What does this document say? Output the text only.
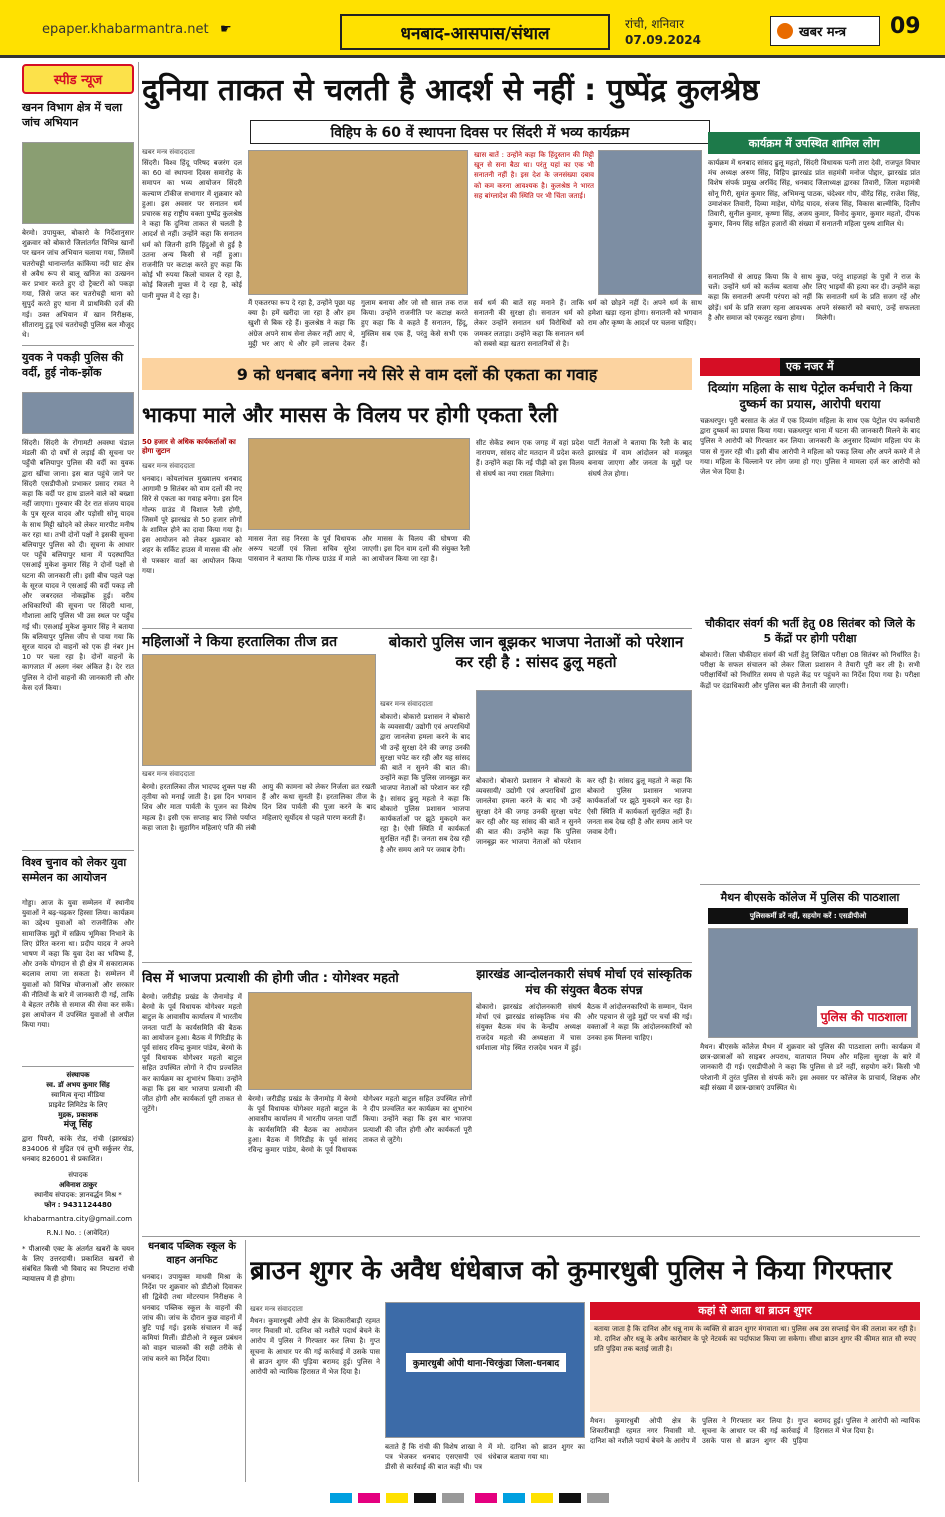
epaper.khabarmantra.net ☛	धनबाद-आसपास/संथाल	रांची, शनिवार
07.09.2024	खबर मन्त्र 09
स्पीड न्यूज
खनन विभाग क्षेत्र में चला जांच अभियान
बेरमो। उपायुक्त, बोकारो के निर्देशानुसार शुक्रवार को बोकारो जिलांतर्गत विभिन्न खानों पर खनन जांच अभियान चलाया गया, जिसमें चतरोचट्टी थानान्तर्गत कांकिया नदी घाट क्षेत्र से अवैध रूप से बालू खनिज का उत्खनन कर प्रभार करते हुए दो ट्रैक्टरों को पकड़ा गया, जिसे जप्त कर चतरोचट्टी थाना को सुपुर्द करते हुए थाना में प्राथमिकी दर्ज की गई। उक्त अभियान में खान निरीक्षक, सीतारामु टुडू एवं चतरोचट्टी पुलिस बल मौजूद थे।
युवक ने पकड़ी पुलिस की वर्दी, हुई नोक-झोंक
सिंदरी। सिंदरी के रोंगामटी अवस्था चंडाल मंडली की दो वर्षों से लड़ाई की सूचना पर पहुँची बलियापुर पुलिस की वर्दी का युवक द्वारा खींचा जाना। इस बात पहुंचे जाने पर सिंदरी एसडीपीओ प्रभाकर प्रसाद रावत ने कहा कि वर्दी पर हाथ डालने वाले को बख्शा नहीं जाएगा। गुरुवार की देर रात संजय यादव के पुत्र सूरज यादव और पड़ोसी सोनू यादव के साथ मिट्टी खोदने को लेकर मारपीट मनीष कर रहा था। तभी दोनों पक्षों ने इसकी सूचना बलियापुर पुलिस को दी। सूचना के आधार पर पहुँचे बलियापुर थाना में पदस्थापित एसआई मुकेश कुमार सिंह ने दोनों पक्षों से घटना की जानकारी ली। इसी बीच पहले पक्ष के सूरज यादव ने एसआई की वर्दी पकड़ ली और जबरदस्त नोकझोंक हुई। वरीय अधिकारियों की सूचना पर सिंदरी थाना, गौशाला आदि पुलिस भी उस स्थल पर पहुँच गई थी। एसआई मुकेश कुमार सिंह ने बताया कि बलियापुर पुलिस जीप से पाया गया कि सूरज यादव दो वाहनों को एक ही नंबर JH 10 पर चला रहा है। दोनों वाहनों के कागजात में अलग नंबर अंकित है। देर रात पुलिस ने दोनों वाहनों की जानकारी ली और केस दर्ज किया।
विश्व चुनाव को लेकर युवा सम्मेलन का आयोजन
गोड्डा। आज के युवा सम्मेलन में स्थानीय युवाओं ने बढ़-चढ़कर हिस्सा लिया। कार्यक्रम का उद्देश्य युवाओं को राजनीतिक और सामाजिक मुद्दों में सक्रिय भूमिका निभाने के लिए प्रेरित करना था। प्रदीप यादव ने अपने भाषण में कहा कि युवा देश का भविष्य हैं, और उनके योगदान से ही क्षेत्र में सकारात्मक बदलाव लाया जा सकता है। सम्मेलन में युवाओं को विभिन्न योजनाओं और सरकार की नीतियों के बारे में जानकारी दी गई, ताकि वे बेहतर तरीके से समाज की सेवा कर सकें। इस आयोजन में उपस्थित युवाओं से अपील किया गया।
संस्थापक
स्व. डॉ अभय कुमार सिंह
स्वामित्व वृन्दा मीडिया
प्राइवेट लिमिटेड के लिए
मुद्रक, प्रकाशक
मंजू सिंह
द्वारा पियरौ, कांके रोड, रांची (झारखंड) 834006 से मुद्रित एवं लुभी सर्कुलर रोड, धनबाद 826001 से प्रकाशित।
संपादक
अविनाश ठाकुर
स्थानीय संपादक: ज्ञानवर्द्धन मिश्र *
फोन : 9431124480
khabarmantra.city@gmail.com
R.N.I No. : (आवेदित)
* पीआरबी एक्ट के अंतर्गत खबरों के चयन के लिए उत्तरदायी। प्रकाशित खबरों से संबंधित किसी भी विवाद का निपटारा रांची न्यायालय में ही होगा।
दुनिया ताकत से चलती है आदर्श से नहीं : पुष्पेंद्र कुलश्रेष्ठ
विहिप के 60 वें स्थापना दिवस पर सिंदरी में भव्य कार्यक्रम
खबर मन्त्र संवाददाता
सिंदरी। विश्व हिंदू परिषद बजरंग दल का 60 वां स्थापना दिवस समारोह के समापन का भव्य आयोजन सिंदरी कल्याण टॉकीज सभागार में शुक्रवार को हुआ। इस अवसर पर सनातन धर्म प्रचारक सह राष्ट्रीय वक्ता पुष्पेंद्र कुलश्रेष्ठ ने कहा कि दुनिया ताकत से चलती है आदर्श से नहीं। उन्होंने कहा कि सनातन धर्म को जितनी हानि हिंदुओं से हुई है उतना अन्य किसी से नहीं हुआ। राजनीति पर कटाक्ष करते हुए कहा कि कोई भी रुपया किलो चावल दे रहा है, कोई बिजली मुफ्त में दे रहा है, कोई पानी मुफ्त में दे रहा है।
मैं एकतरफा रूप दे रहा है, उन्होंने पूछा यह क्या है। हमें खरीदा जा रहा है और हम खुशी से बिक रहे हैं। कुलश्रेष्ठ ने कहा कि अंग्रेज अपने साथ सेना लेकर नहीं आए थे, मुट्ठी भर आए थे और हमें लालच देकर गुलाम बनाया और जो सौ साल तक राज किया। उन्होंने राजनीति पर कटाक्ष करते हुए कहा कि वे कहते हैं सनातन, हिंदू, मुस्लिम सब एक हैं, परंतु केसे सभी एक हैं।
खास बातें : उन्होंने कहा कि हिंदुस्तान की मिट्टी खून से सना बैठा था। परंतु यहां का एक भी सनातनी नहीं है। इस देश के जनसंख्या दबाव को कम करना आवश्यक है। कुलश्रेष्ठ ने भारत सह बांग्लादेश की स्थिति पर भी चिंता जताई।
सर्व धर्म की बातें सह मनाने हैं। ताकि सनातनी की सुरक्षा हो। सनातन धर्म को लेकर उन्होंने सनातन धर्म विरोधियों को जमकर लताड़ा। उन्होंने कहा कि सनातन धर्म को सबसे बड़ा खतरा सनातनियों से है।
धर्म को छोड़ने नहीं दें। अपने धर्म के साथ हमेशा खड़ा रहना होगा। सनातनी को भगवान राम और कृष्ण के आदर्श पर चलना चाहिए।
कार्यक्रम में उपस्थित शामिल लोग
कार्यक्रम में धनबाद सांसद ढुलू महतो, सिंदरी विधायक पत्नी तारा देवी, राजपूत विचार मंच अध्यक्ष अरुण सिंह, विहिप झारखंड प्रांत सहमंत्री मनोज पोद्दार, झारखंड प्रांत विशेष संपर्क प्रमुख अरविंद सिंह, धनबाद जिलाध्यक्ष द्वारका तिवारी, जिला महामंत्री सोनू गिरी, सुमंत कुमार सिंह, अभिमन्यु पाठक, चंदेश्वर गोप, वीरेंद्र सिंह, राजेश सिंह, उमाशंकर तिवारी, दिव्या माहेश, योगेंद्र यादव, संजय सिंह, विकास बाल्मीकि, दिलीप तिवारी, सुनील कुमार, कृष्णा सिंह, अजय कुमार, विनोद कुमार, कुमार महतो, दीपक कुमार, विनय सिंह सहित हजारों की संख्या में सनातनी महिला पुरुष शामिल थे।
सनातनियों से आग्रह किया कि वे साथ चलें। उन्होंने धर्म को कर्तव्य बताया और कहा कि सनातनी अपनी परंपरा को नहीं छोड़ें। धर्म के प्रति सजग रहना आवश्यक है और समाज को एकजुट रखना होगा।
कुछ, परंतु शाहजहां के पुत्रों ने राज के लिए भाइयों की हत्या कर दी। उन्होंने कहा कि सनातनी धर्म के प्रति सजग रहें और अपने संस्कारों को बचाएं, उन्हें सफलता मिलेगी।
9 को धनबाद बनेगा नये सिरे से वाम दलों की एकता का गवाह
भाकपा माले और मासस के विलय पर होगी एकता रैली
50 हजार से अधिक कार्यकर्ताओं का होगा जुटान
खबर मन्त्र संवाददाता
धनबाद। कोयलांचल मुख्यालय धनबाद आगामी 9 सितंबर को वाम दलों की नए सिरे से एकता का गवाह बनेगा। इस दिन गोल्फ ग्राउंड में विशाल रैली होगी, जिसमें पूरे झारखंड से 50 हजार लोगों के शामिल होने का दावा किया गया है। इस आयोजन को लेकर शुक्रवार को शहर के सर्किट हाउस में मासस की ओर से पत्रकार वार्ता का आयोजन किया गया।
मासस नेता सह निरसा के पूर्व विधायक अरूप चटर्जी एवं जिला सचिव सुरेश पासवान ने बताया कि गोल्फ ग्राउंड में माले और मासस के विलय की घोषणा की जाएगी। इस दिन वाम दलों की संयुक्त रैली का आयोजन किया जा रहा है।
सीट सेकेंड स्थान एक जगह में वहां प्रदेश नारायण, सांसद वोट मतदान में प्रदेश करते हैं। उन्होंने कहा कि नई पीढ़ी को इस विलय से संघर्ष का नया रास्ता मिलेगा।
पार्टी नेताओं ने बताया कि रैली के बाद झारखंड में वाम आंदोलन को मजबूत बनाया जाएगा और जनता के मुद्दों पर संघर्ष तेज होगा।
एक नजर में
दिव्यांग महिला के साथ पेट्रोल कर्मचारी ने किया दुष्कर्म का प्रयास, आरोपी धराया
चक्रधरपुर। पूरी बरसात के अंत में एक दिव्यांग महिला के साथ एक पेट्रोल पंप कर्मचारी द्वारा दुष्कर्म का प्रयास किया गया। चक्रधरपुर थाना में घटना की जानकारी मिलने के बाद पुलिस ने आरोपी को गिरफ्तार कर लिया। जानकारी के अनुसार दिव्यांग महिला पंप के पास से गुजर रही थी। इसी बीच आरोपी ने महिला को पकड़ लिया और अपने कमरे में ले गया। महिला के चिल्लाने पर लोग जमा हो गए। पुलिस ने मामला दर्ज कर आरोपी को जेल भेज दिया है।
चौकीदार संवर्ग की भर्ती हेतु 08 सितंबर को जिले के 5 केंद्रों पर होगी परीक्षा
बोकारो। जिला चौकीदार संवर्ग की भर्ती हेतु लिखित परीक्षा 08 सितंबर को निर्धारित है। परीक्षा के सफल संचालन को लेकर जिला प्रशासन ने तैयारी पूरी कर ली है। सभी परीक्षार्थियों को निर्धारित समय से पहले केंद्र पर पहुंचने का निर्देश दिया गया है। परीक्षा केंद्रों पर दंडाधिकारी और पुलिस बल की तैनाती की जाएगी।
मैथन बीएसके कॉलेज में पुलिस की पाठशाला
पुलिसकर्मी डरें नहीं, सहयोग करें : एसडीपीओ
पुलिस की पाठशाला
मैथन। बीएसके कॉलेज मैथन में शुक्रवार को पुलिस की पाठशाला लगी। कार्यक्रम में छात्र-छात्राओं को साइबर अपराध, यातायात नियम और महिला सुरक्षा के बारे में जानकारी दी गई। एसडीपीओ ने कहा कि पुलिस से डरें नहीं, सहयोग करें। किसी भी परेशानी में तुरंत पुलिस से संपर्क करें। इस अवसर पर कॉलेज के प्राचार्य, शिक्षक और बड़ी संख्या में छात्र-छात्राएं उपस्थित थे।
महिलाओं ने किया हरतालिका तीज व्रत
खबर मन्त्र संवाददाता
बेरमो। हरतालिका तीज भादपद शुक्ल पक्ष की तृतीया को मनाई जाती है। इस दिन भगवान शिव और माता पार्वती के पूजन का विशेष महत्व है। इसी एक सप्ताह बाद जिसे पर्याप्त कहा जाता है। सुहागिन महिलाएं पति की लंबी आयु की कामना को लेकर निर्जला व्रत रखती हैं और कथा सुनती हैं। हरतालिका तीज के दिन शिव पार्वती की पूजा करने के बाद महिलाएं सूर्योदय से पहले पारण करती हैं।
बोकारो पुलिस जान बूझकर भाजपा नेताओं को परेशान कर रही है : सांसद ढुलू महतो
खबर मन्त्र संवाददाता
बोकारो। बोकारो प्रशासन ने बोकारो के व्यवसायी/ उद्योगी एवं अपराधियों द्वारा जानलेवा हमला करने के बाद भी उन्हें सुरक्षा देने की जगह उनकी सुरक्षा चपेट कर रही और यह सांसद की बातें न सुनने की बात की। उन्होंने कहा कि पुलिस जानबूझ कर भाजपा नेताओं को परेशान कर रही है। सांसद ढुलू महतो ने कहा कि बोकारो पुलिस प्रशासन भाजपा कार्यकर्ताओं पर झूठे मुकदमे कर रहा है। ऐसी स्थिति में कार्यकर्ता सुरक्षित नहीं हैं। जनता सब देख रही है और समय आने पर जवाब देगी।
बोकारो। बोकारो प्रशासन ने बोकारो के व्यवसायी/ उद्योगी एवं अपराधियों द्वारा जानलेवा हमला करने के बाद भी उन्हें सुरक्षा देने की जगह उनकी सुरक्षा चपेट कर रही और यह सांसद की बातें न सुनने की बात की। उन्होंने कहा कि पुलिस जानबूझ कर भाजपा नेताओं को परेशान कर रही है। सांसद ढुलू महतो ने कहा कि बोकारो पुलिस प्रशासन भाजपा कार्यकर्ताओं पर झूठे मुकदमे कर रहा है। ऐसी स्थिति में कार्यकर्ता सुरक्षित नहीं हैं। जनता सब देख रही है और समय आने पर जवाब देगी।
विस में भाजपा प्रत्याशी की होगी जीत : योगेश्वर महतो
बेरमो। जरीडीह प्रखंड के जैनामोड़ में बेरमो के पूर्व विधायक योगेश्वर महतो बाटुल के आवासीय कार्यालय में भारतीय जनता पार्टी के कार्यसमिति की बैठक का आयोजन हुआ। बैठक में गिरिडीह के पूर्व सांसद रविन्द्र कुमार पांडेय, बेरमो के पूर्व विधायक योगेश्वर महतो बाटुल सहित उपस्थित लोगों ने दीप प्रज्वलित कर कार्यक्रम का शुभारंभ किया। उन्होंने कहा कि इस बार भाजपा प्रत्याशी की जीत होगी और कार्यकर्ता पूरी ताकत से जुटेंगे।
बेरमो। जरीडीह प्रखंड के जैनामोड़ में बेरमो के पूर्व विधायक योगेश्वर महतो बाटुल के आवासीय कार्यालय में भारतीय जनता पार्टी के कार्यसमिति की बैठक का आयोजन हुआ। बैठक में गिरिडीह के पूर्व सांसद रविन्द्र कुमार पांडेय, बेरमो के पूर्व विधायक योगेश्वर महतो बाटुल सहित उपस्थित लोगों ने दीप प्रज्वलित कर कार्यक्रम का शुभारंभ किया। उन्होंने कहा कि इस बार भाजपा प्रत्याशी की जीत होगी और कार्यकर्ता पूरी ताकत से जुटेंगे।
झारखंड आन्दोलनकारी संघर्ष मोर्चा एवं सांस्कृतिक मंच की संयुक्त बैठक संपन्न
बोकारो। झारखंड आंदोलनकारी संघर्ष मोर्चा एवं झारखंड सांस्कृतिक मंच की संयुक्त बैठक मंच के केन्द्रीय अध्यक्ष राजदेव महतो की अध्यक्षता में चास धर्मशाला मोड़ स्थित राजदेव भवन में हुई। बैठक में आंदोलनकारियों के सम्मान, पेंशन और पहचान से जुड़े मुद्दों पर चर्चा की गई। वक्ताओं ने कहा कि आंदोलनकारियों को उनका हक मिलना चाहिए।
धनबाद पब्लिक स्कूल के वाहन अनफिट
धनबाद। उपायुक्त माधवी मिश्रा के निर्देश पर शुक्रवार को डीटीओ दिवाकर सी द्विवेदी तथा मोटरयान निरीक्षक ने धनबाद पब्लिक स्कूल के वाहनों की जांच की। जांच के दौरान कुछ वाहनों में त्रुटि पाई गई। इसके संचालन में कई कमियां मिलीं। डीटीओ ने स्कूल प्रबंधन को वाहन चालकों की सही तरीके से जांच करने का निर्देश दिया।
ब्राउन शुगर के अवैध धंधेबाज को कुमारधुबी पुलिस ने किया गिरफ्तार
खबर मन्त्र संवाददाता
मैथन। कुमारधुबी ओपी क्षेत्र के शिकारीबाड़ी रहमत नगर निवासी मो. दानिश को नशीले पदार्थ बेचने के आरोप में पुलिस ने गिरफ्तार कर लिया है। गुप्त सूचना के आधार पर की गई कार्रवाई में उसके पास से ब्राउन शुगर की पुड़िया बरामद हुई। पुलिस ने आरोपी को न्यायिक हिरासत में भेज दिया है।
कुमारधुबी ओपी थाना-चिरकुंडा जिला-धनबाद
बताते हैं कि रांची की विशेष शाखा ने पत्र भेजकर धनबाद एसएसपी एवं डीसी से कार्रवाई की बात कही थी। पत्र में मो. दानिश को ब्राउन शुगर का धंधेबाज बताया गया था।
कहां से आता था ब्राउन शुगर
बताया जाता है कि दानिश और धन्नू नाम के व्यक्ति से ब्राउन शुगर मंगवाता था। पुलिस अब उस सप्लाई चेन की तलाश कर रही है। मो. दानिश और धन्नू के अवैध कारोबार के पूरे नेटवर्क का पर्दाफाश किया जा सकेगा। सीधा ब्राउन शुगर की कीमत सात सौ रुपए प्रति पुड़िया तक बताई जाती है।
मैथन। कुमारधुबी ओपी क्षेत्र के शिकारीबाड़ी रहमत नगर निवासी मो. दानिश को नशीले पदार्थ बेचने के आरोप में पुलिस ने गिरफ्तार कर लिया है। गुप्त सूचना के आधार पर की गई कार्रवाई में उसके पास से ब्राउन शुगर की पुड़िया बरामद हुई। पुलिस ने आरोपी को न्यायिक हिरासत में भेज दिया है।
